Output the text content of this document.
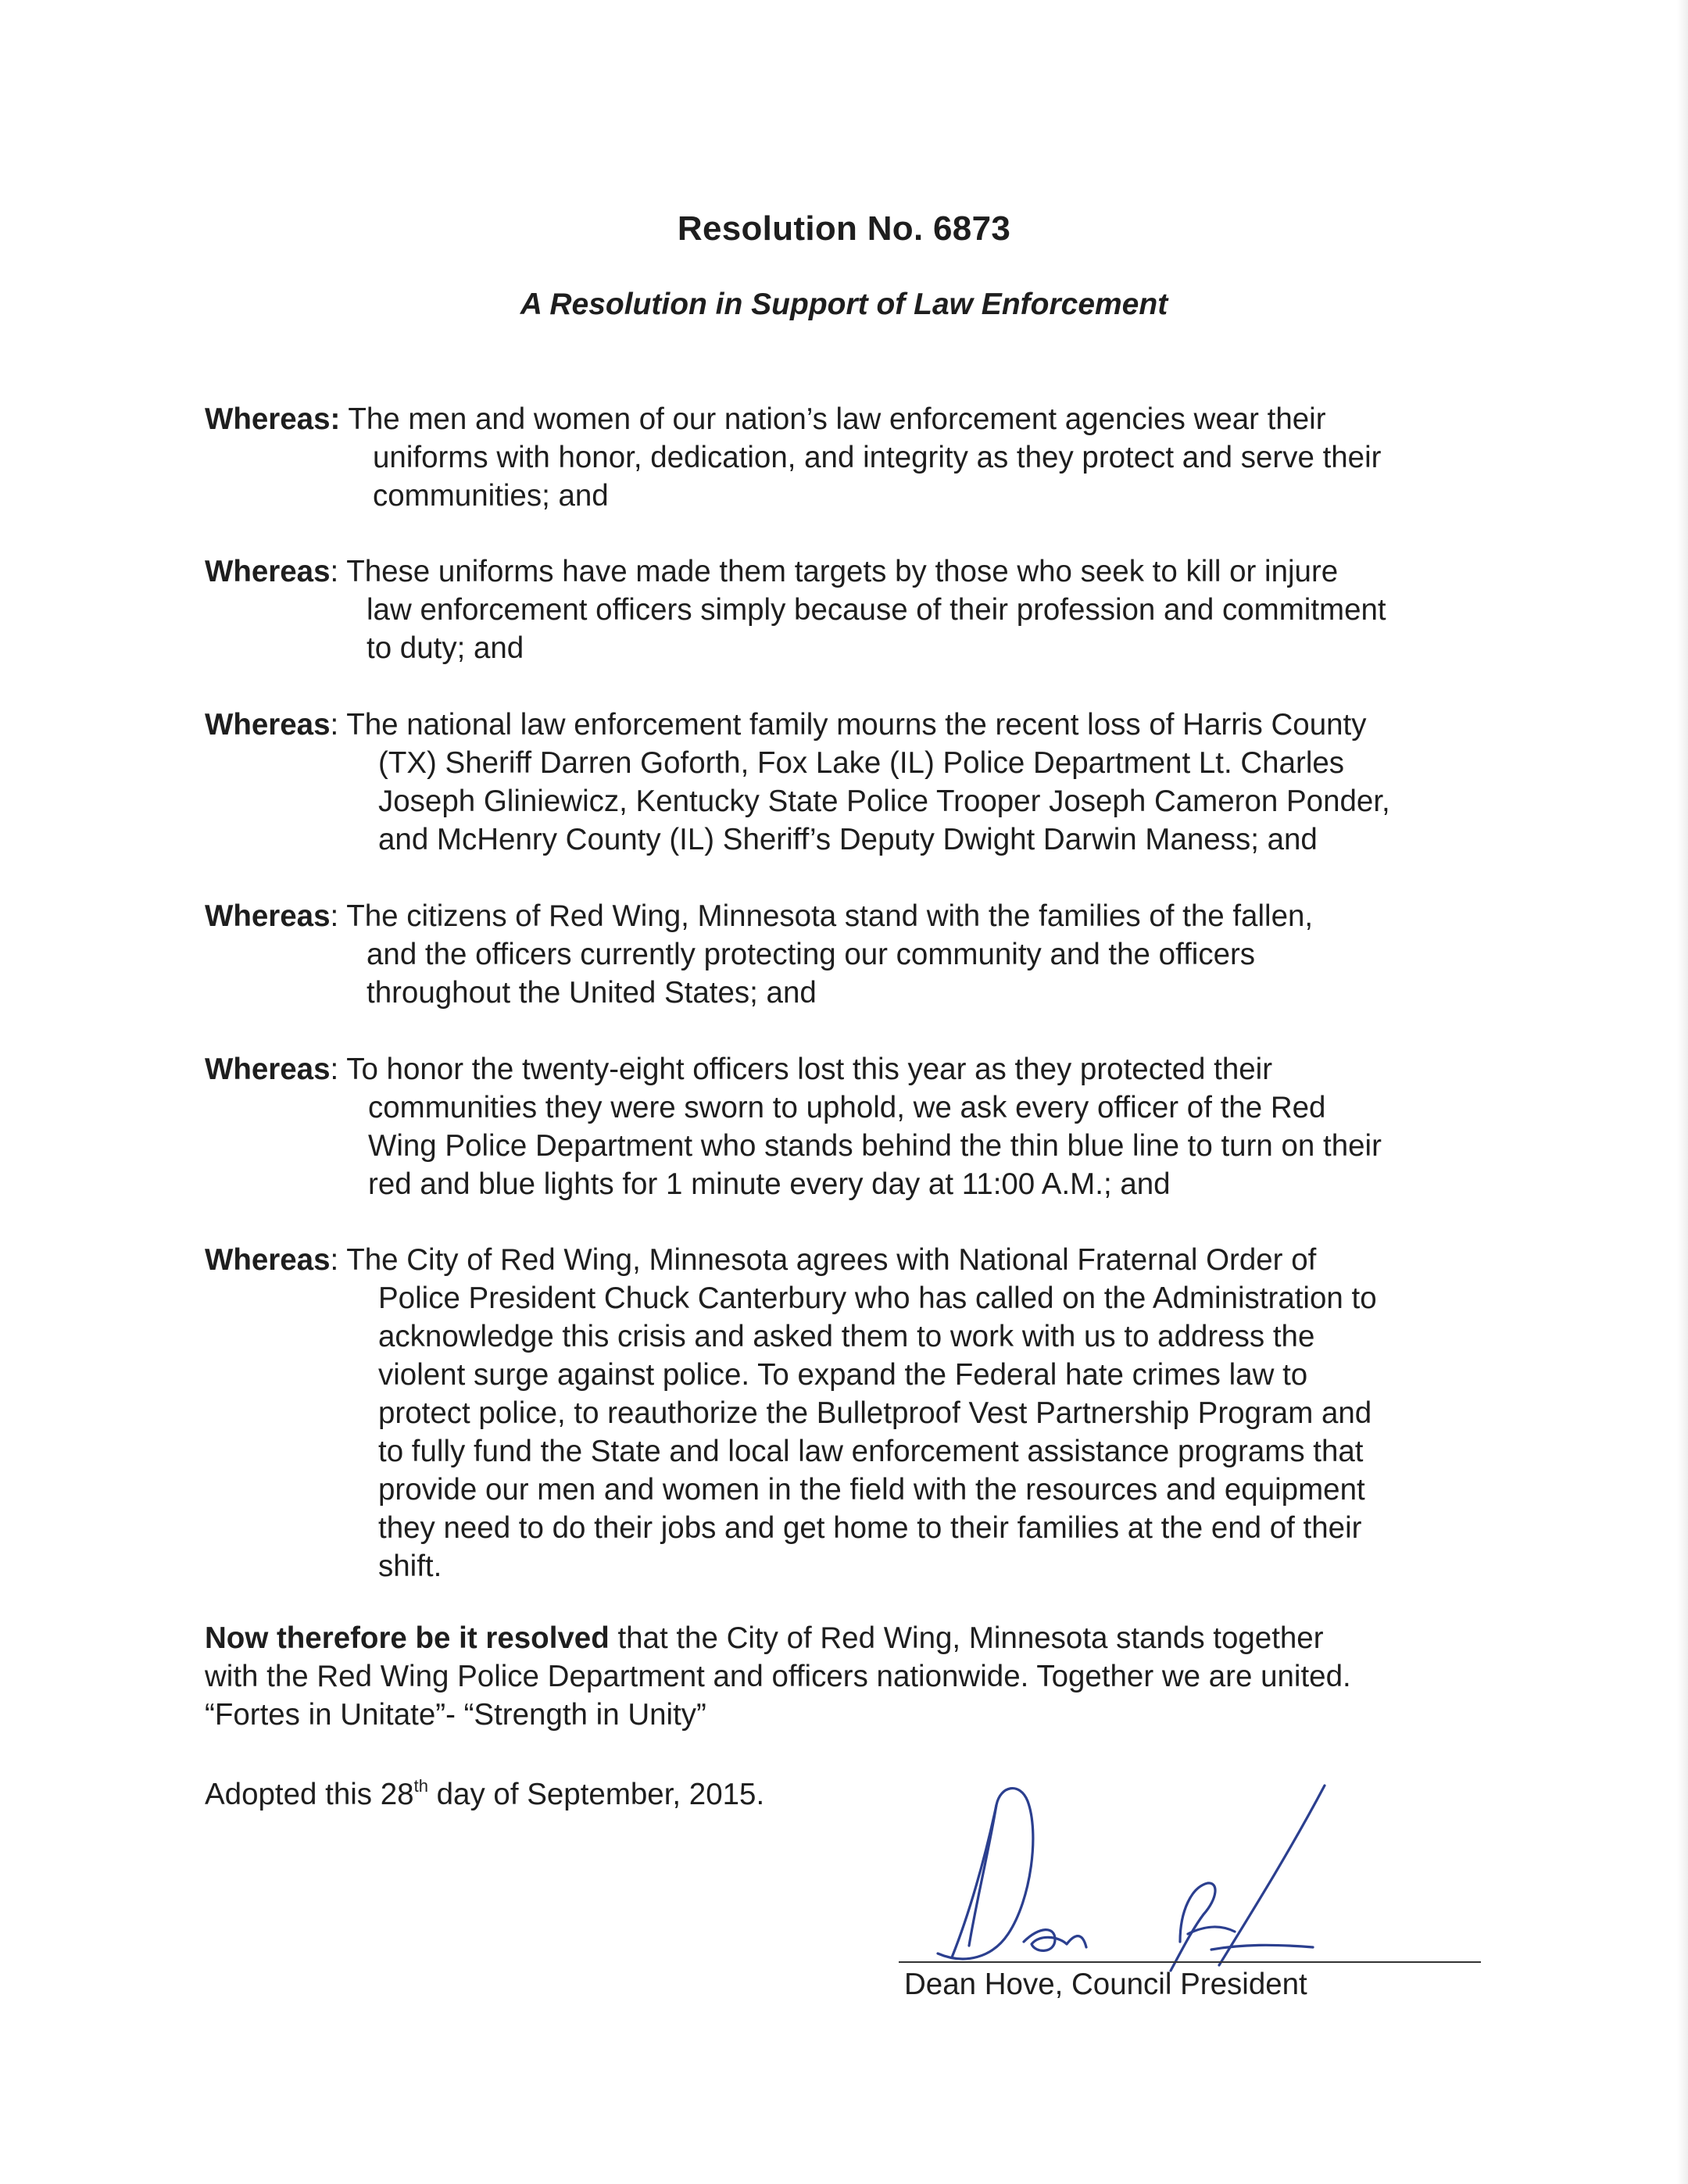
Resolution No. 6873
A Resolution in Support of Law Enforcement
Whereas: The men and women of our nation’s law enforcement agencies wear their
uniforms with honor, dedication, and integrity as they protect and serve their
communities; and
Whereas: These uniforms have made them targets by those who seek to kill or injure
law enforcement officers simply because of their profession and commitment
to duty; and
Whereas: The national law enforcement family mourns the recent loss of Harris County
(TX) Sheriff Darren Goforth, Fox Lake (IL) Police Department Lt. Charles
Joseph Gliniewicz, Kentucky State Police Trooper Joseph Cameron Ponder,
and McHenry County (IL) Sheriff’s Deputy Dwight Darwin Maness; and
Whereas: The citizens of Red Wing, Minnesota stand with the families of the fallen,
and the officers currently protecting our community and the officers
throughout the United States; and
Whereas: To honor the twenty-eight officers lost this year as they protected their
communities they were sworn to uphold, we ask every officer of the Red
Wing Police Department who stands behind the thin blue line to turn on their
red and blue lights for 1 minute every day at 11:00 A.M.; and
Whereas: The City of Red Wing, Minnesota agrees with National Fraternal Order of
Police President Chuck Canterbury who has called on the Administration to
acknowledge this crisis and asked them to work with us to address the
violent surge against police. To expand the Federal hate crimes law to
protect police, to reauthorize the Bulletproof Vest Partnership Program and
to fully fund the State and local law enforcement assistance programs that
provide our men and women in the field with the resources and equipment
they need to do their jobs and get home to their families at the end of their
shift.
Now therefore be it resolved that the City of Red Wing, Minnesota stands together
with the Red Wing Police Department and officers nationwide. Together we are united.
“Fortes in Unitate”- “Strength in Unity”
Adopted this 28th day of September, 2015.
Dean Hove, Council President
